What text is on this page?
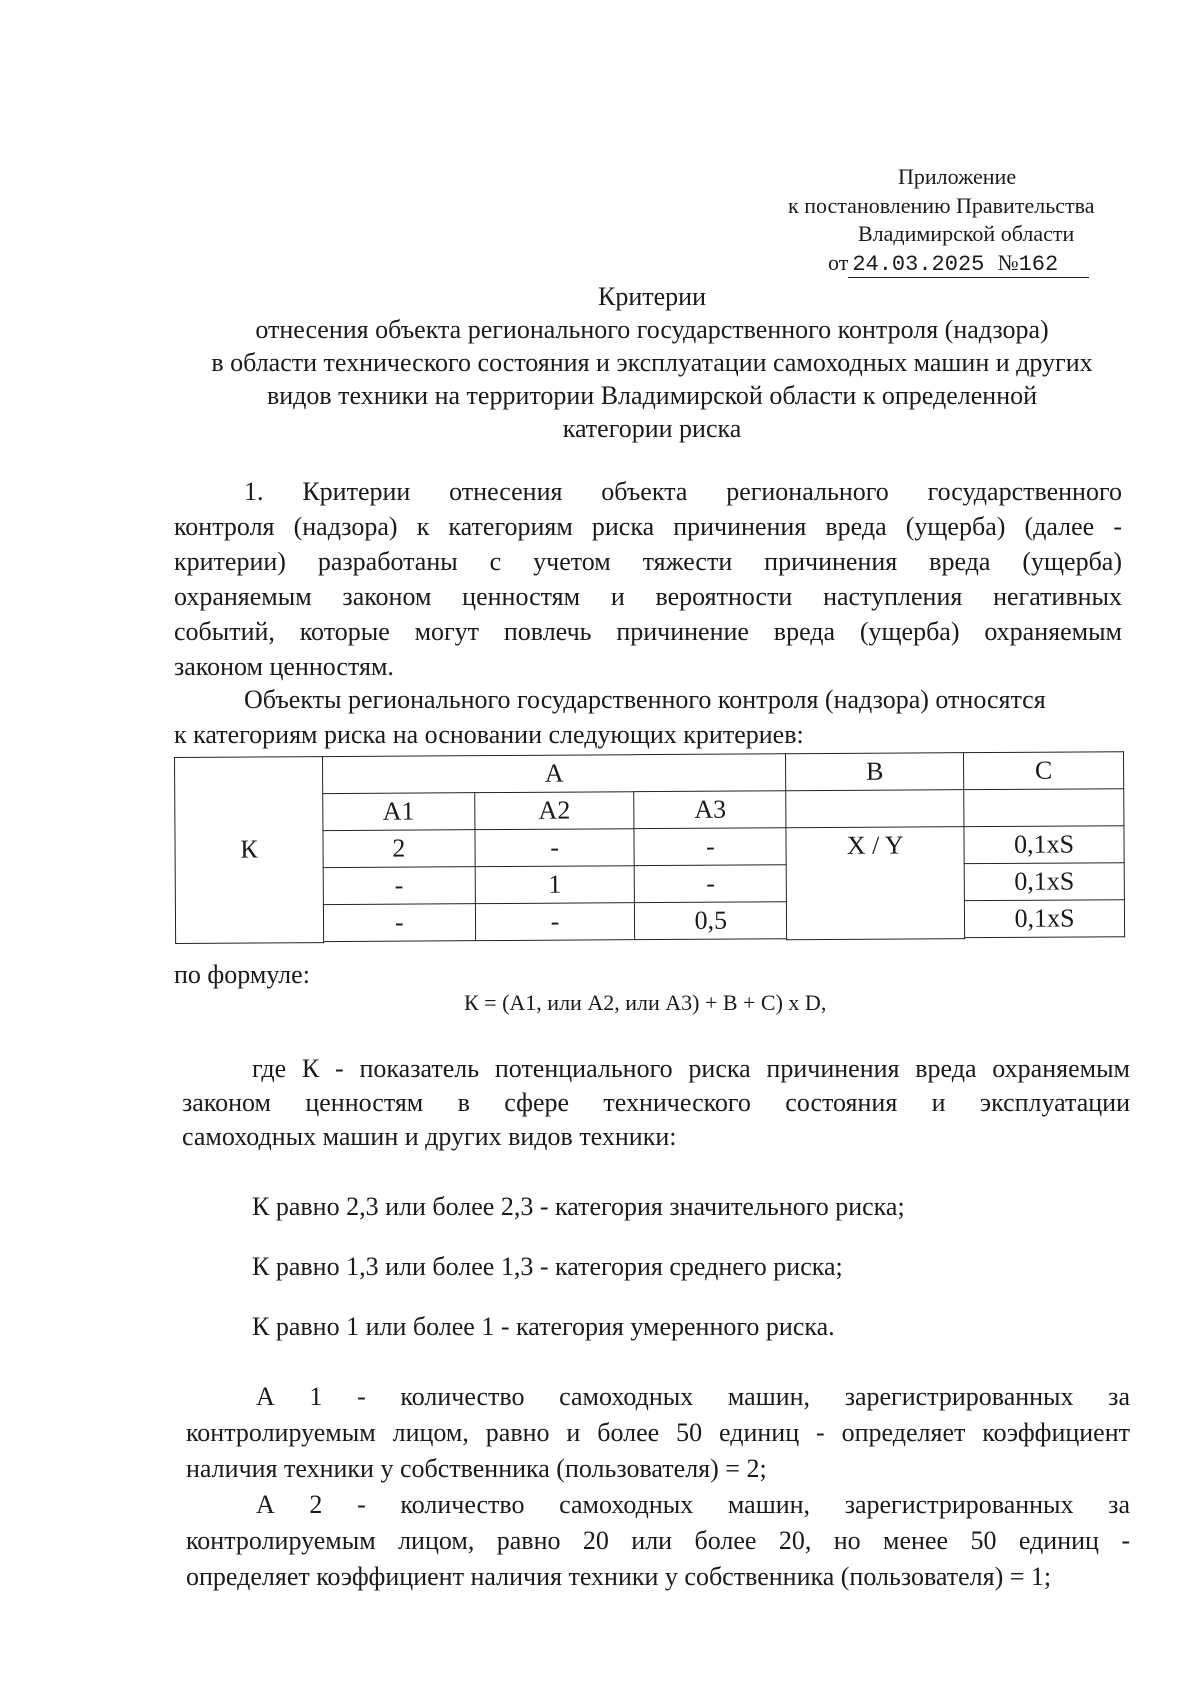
Приложение
к постановлению Правительства
Владимирской области
от 24.03.2025 №162
Критерии
отнесения объекта регионального государственного контроля (надзора)
в области технического состояния и эксплуатации самоходных машин и других
видов техники на территории Владимирской области к определенной
категории риска
1. Критерии отнесения объекта регионального государственного
контроля (надзора) к категориям риска причинения вреда (ущерба) (далее -
критерии) разработаны с учетом тяжести причинения вреда (ущерба)
охраняемым законом ценностям и вероятности наступления негативных
событий, которые могут повлечь причинение вреда (ущерба) охраняемым
законом ценностям.
Объекты регионального государственного контроля (надзора) относятся
к категориям риска на основании следующих критериев:
К	А			В	С
	А1	А2	А3		
	2	-	-	X / Y	0,1xS
	-	1	-		0,1xS
	-	-	0,5		0,1xS

по формуле:
К = (А1, или А2, или А3) + В + С) x D,
где К - показатель потенциального риска причинения вреда охраняемым
законом ценностям в сфере технического состояния и эксплуатации
самоходных машин и других видов техники:
К равно 2,3 или более 2,3 - категория значительного риска;
К равно 1,3 или более 1,3 - категория среднего риска;
К равно 1 или более 1 - категория умеренного риска.
А 1 - количество самоходных машин, зарегистрированных за
контролируемым лицом, равно и более 50 единиц - определяет коэффициент
наличия техники у собственника (пользователя) = 2;
А 2 - количество самоходных машин, зарегистрированных за
контролируемым лицом, равно 20 или более 20, но менее 50 единиц -
определяет коэффициент наличия техники у собственника (пользователя) = 1;
